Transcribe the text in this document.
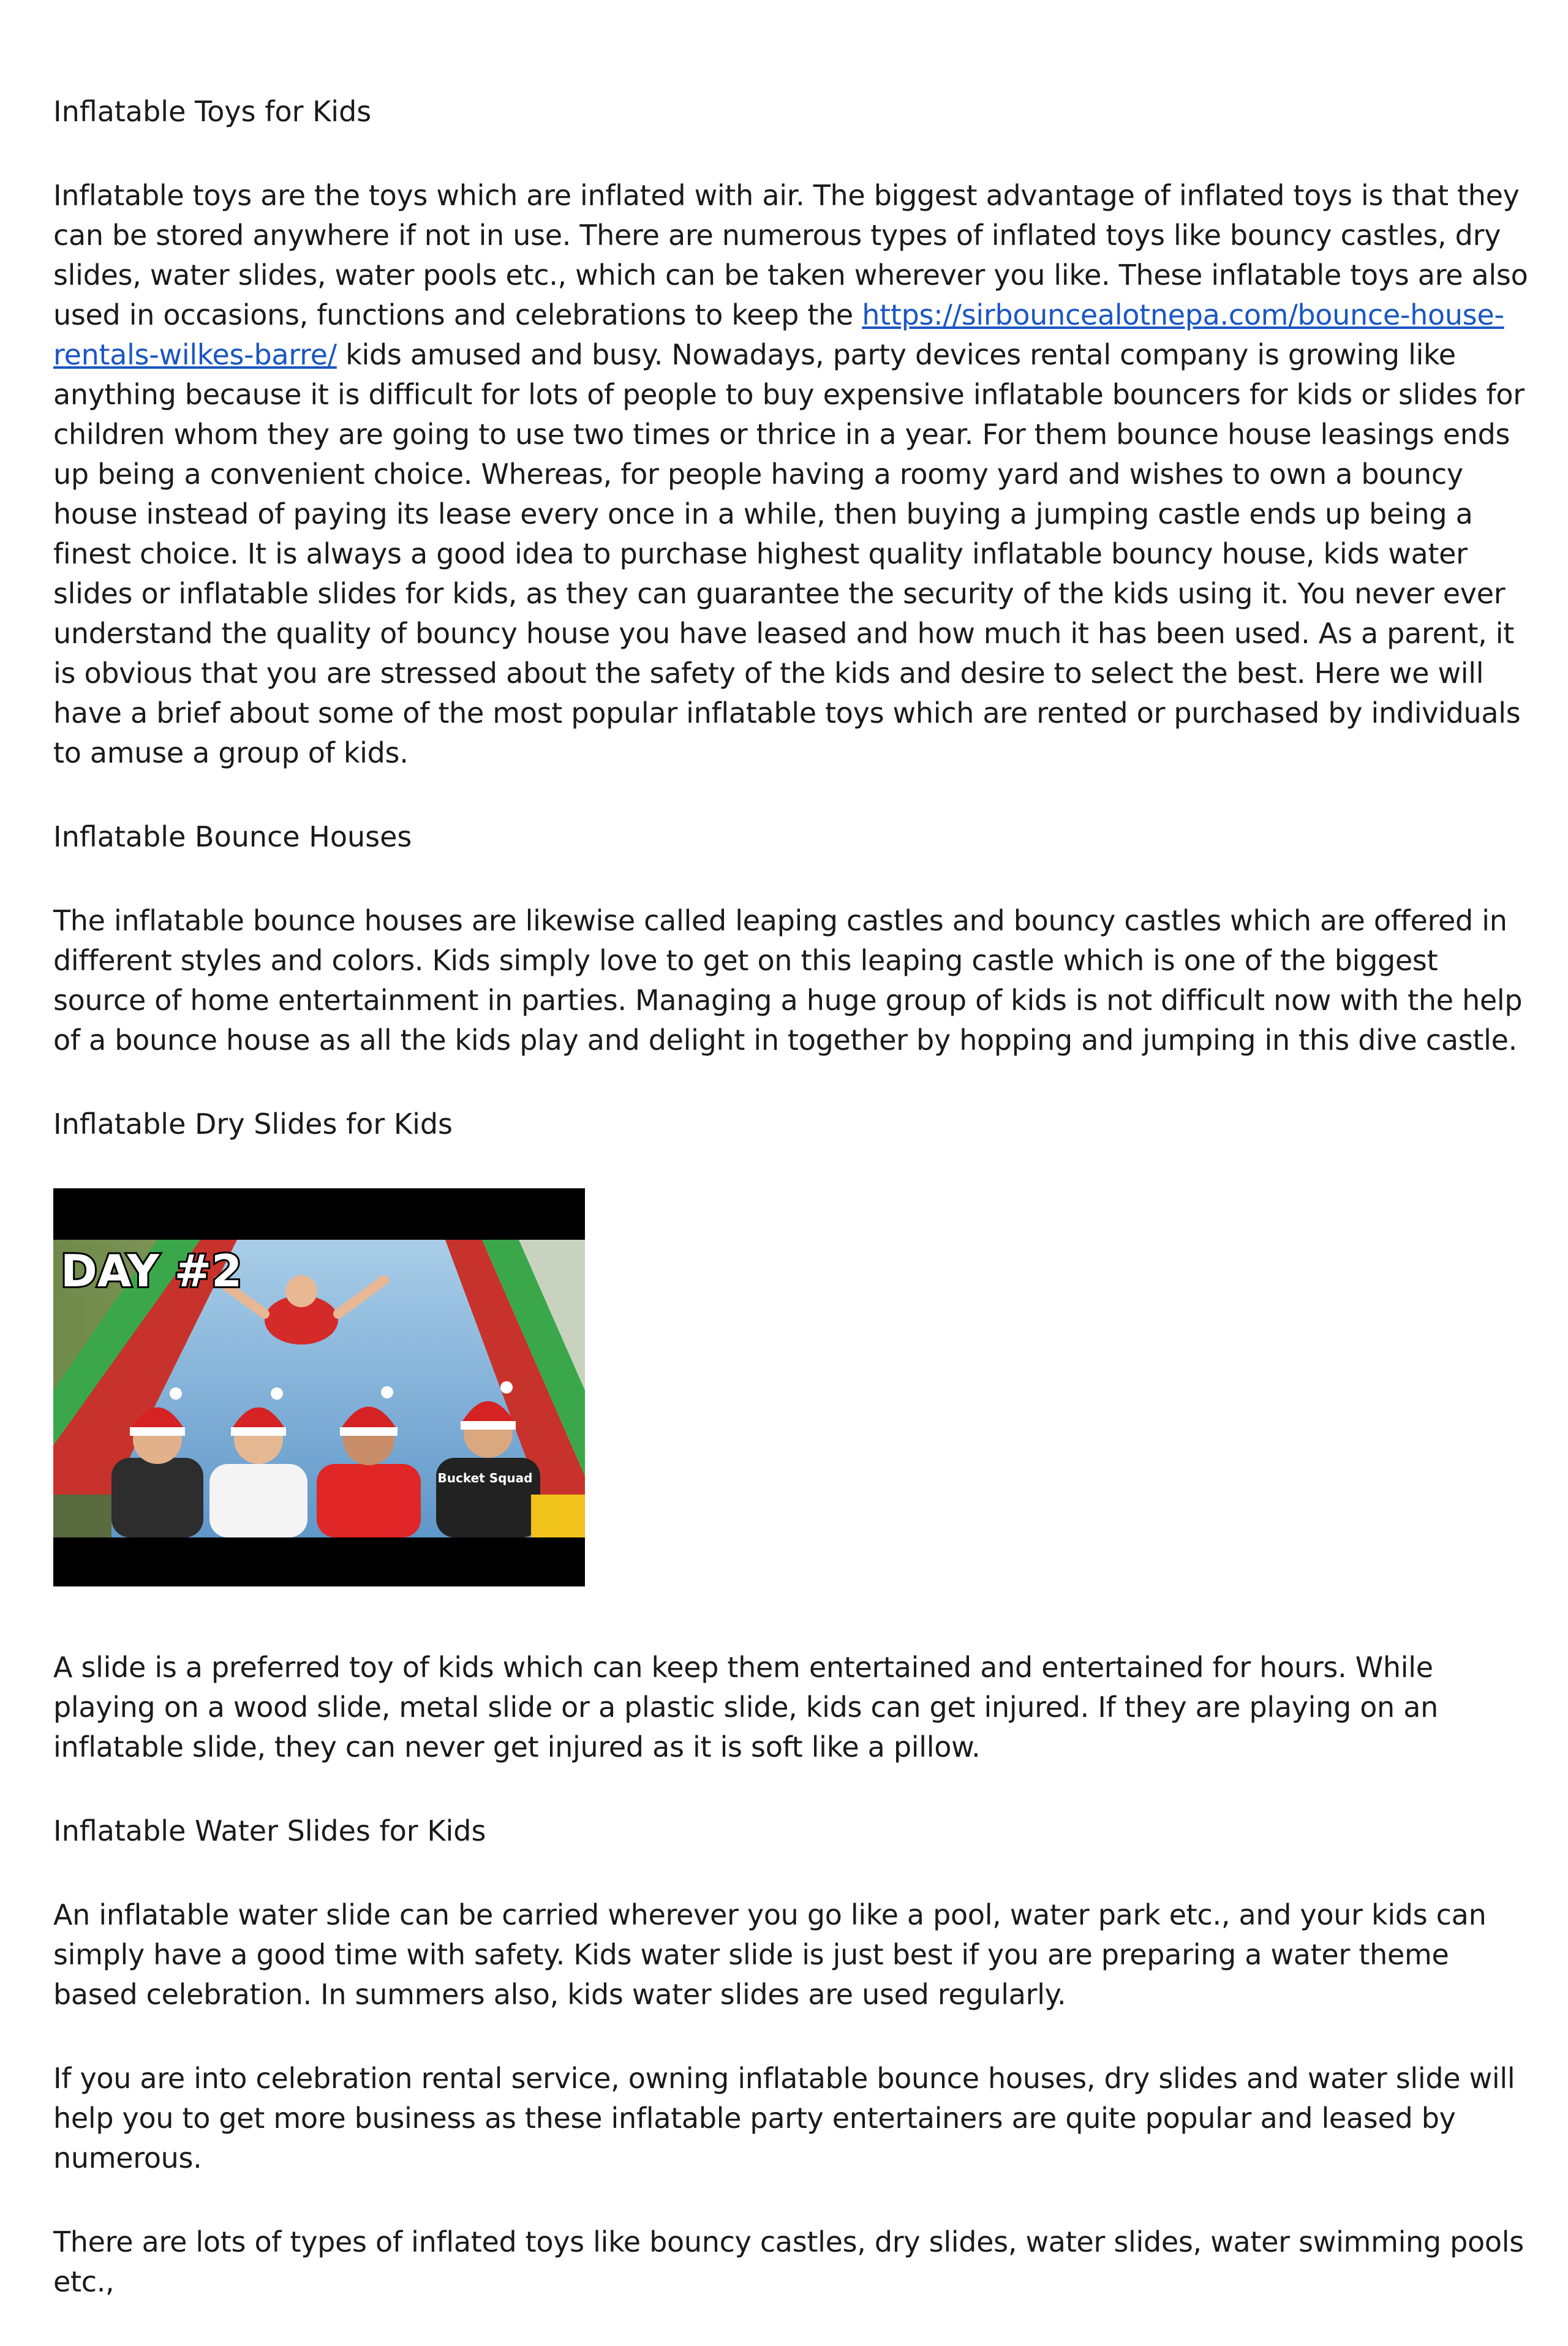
Inflatable Toys for Kids

Inflatable toys are the toys which are inflated with air. The biggest advantage of inflated toys is that they can be stored anywhere if not in use. There are numerous types of inflated toys like bouncy castles, dry slides, water slides, water pools etc., which can be taken wherever you like. These inflatable toys are also used in occasions, functions and celebrations to keep the https://sirbouncealotnepa.com/bounce-house-rentals-wilkes-barre/ kids amused and busy. Nowadays, party devices rental company is growing like anything because it is difficult for lots of people to buy expensive inflatable bouncers for kids or slides for children whom they are going to use two times or thrice in a year. For them bounce house leasings ends up being a convenient choice. Whereas, for people having a roomy yard and wishes to own a bouncy house instead of paying its lease every once in a while, then buying a jumping castle ends up being a finest choice. It is always a good idea to purchase highest quality inflatable bouncy house, kids water slides or inflatable slides for kids, as they can guarantee the security of the kids using it. You never ever understand the quality of bouncy house you have leased and how much it has been used. As a parent, it is obvious that you are stressed about the safety of the kids and desire to select the best. Here we will have a brief about some of the most popular inflatable toys which are rented or purchased by individuals to amuse a group of kids.

Inflatable Bounce Houses

The inflatable bounce houses are likewise called leaping castles and bouncy castles which are offered in different styles and colors. Kids simply love to get on this leaping castle which is one of the biggest source of home entertainment in parties. Managing a huge group of kids is not difficult now with the help of a bounce house as all the kids play and delight in together by hopping and jumping in this dive castle.

Inflatable Dry Slides for Kids

Bucket Squad
DAY #2

A slide is a preferred toy of kids which can keep them entertained and entertained for hours. While playing on a wood slide, metal slide or a plastic slide, kids can get injured. If they are playing on an inflatable slide, they can never get injured as it is soft like a pillow.

Inflatable Water Slides for Kids

An inflatable water slide can be carried wherever you go like a pool, water park etc., and your kids can simply have a good time with safety. Kids water slide is just best if you are preparing a water theme based celebration. In summers also, kids water slides are used regularly.

If you are into celebration rental service, owning inflatable bounce houses, dry slides and water slide will help you to get more business as these inflatable party entertainers are quite popular and leased by numerous.

There are lots of types of inflated toys like bouncy castles, dry slides, water slides, water swimming pools etc.,
